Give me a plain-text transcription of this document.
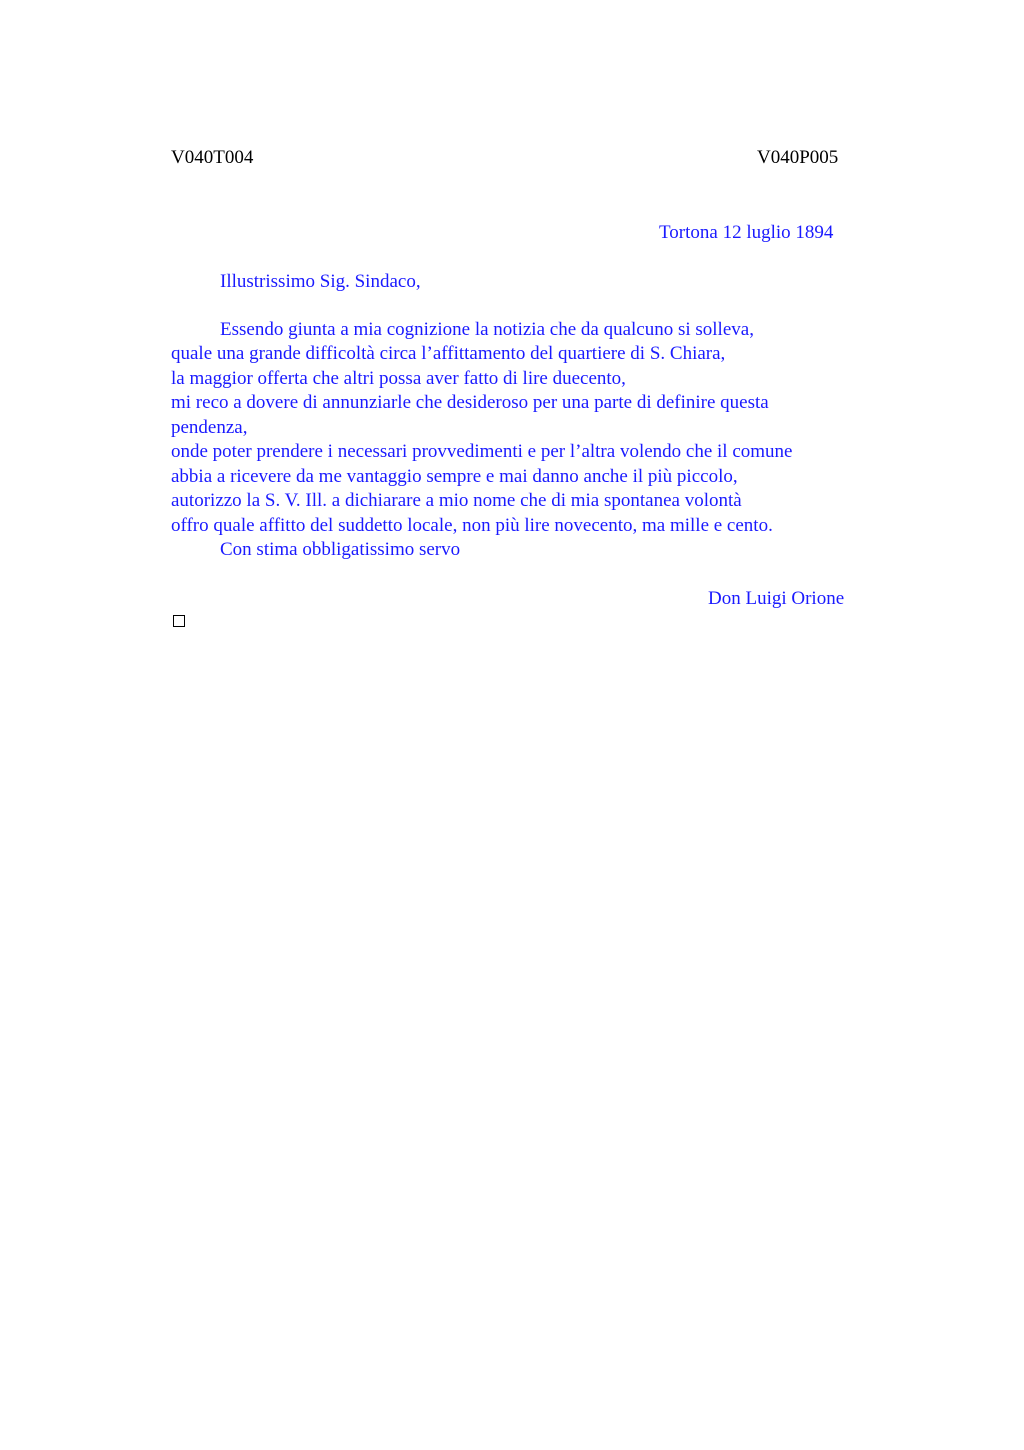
V040T004	V040P005
Tortona 12 luglio 1894
Illustrissimo Sig. Sindaco,
Essendo giunta a mia cognizione la notizia che da qualcuno si solleva,
quale una grande difficoltà circa l’affittamento del quartiere di S. Chiara,
la maggior offerta che altri possa aver fatto di lire duecento,
mi reco a dovere di annunziarle che desideroso per una parte di definire questa
pendenza,
onde poter prendere i necessari provvedimenti e per l’altra volendo che il comune
abbia a ricevere da me vantaggio sempre e mai danno anche il più piccolo,
autorizzo la S. V. Ill. a dichiarare a mio nome che di mia spontanea volontà
offro quale affitto del suddetto locale, non più lire novecento, ma mille e cento.
Con stima obbligatissimo servo
Don Luigi Orione
